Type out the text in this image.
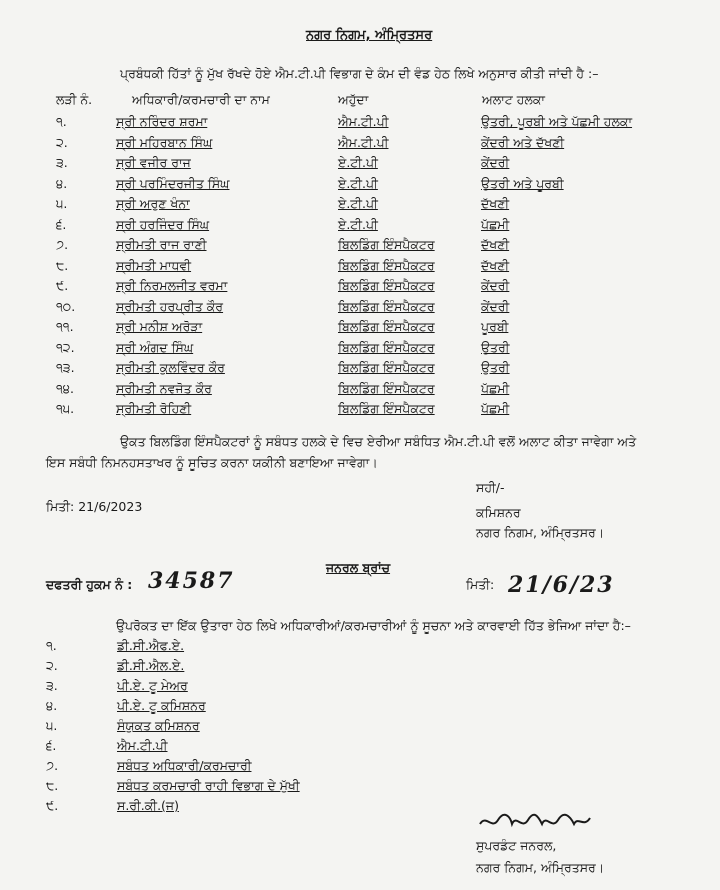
ਨਗਰ ਨਿਗਮ, ਅੰਮ੍ਰਿਤਸਰ
ਪ੍ਰਬੰਧਕੀ ਹਿੱਤਾਂ ਨੂੰ ਮੁੱਖ ਰੱਖਦੇ ਹੋਏ ਐਮ.ਟੀ.ਪੀ ਵਿਭਾਗ ਦੇ ਕੰਮ ਦੀ ਵੰਡ ਹੇਠ ਲਿਖੇ ਅਨੁਸਾਰ ਕੀਤੀ ਜਾਂਦੀ ਹੈ :–
ਲੜੀ ਨੰ.	ਅਧਿਕਾਰੀ/ਕਰਮਚਾਰੀ ਦਾ ਨਾਮ	ਅਹੁੱਦਾ	ਅਲਾਟ ਹਲਕਾ
੧.	ਸ੍ਰੀ ਨਰਿੰਦਰ ਸ਼ਰਮਾ	ਐਮ.ਟੀ.ਪੀ	ਉਤਰੀ, ਪੂਰਬੀ ਅਤੇ ਪੱਛਮੀ ਹਲਕਾ
੨.	ਸ੍ਰੀ ਮਹਿਰਬਾਨ ਸਿੰਘ	ਐਮ.ਟੀ.ਪੀ	ਕੇਂਦਰੀ ਅਤੇ ਦੱਖਣੀ
੩.	ਸ੍ਰੀ ਵਜੀਰ ਰਾਜ	ਏ.ਟੀ.ਪੀ	ਕੇਂਦਰੀ
੪.	ਸ੍ਰੀ ਪਰਮਿੰਦਰਜੀਤ ਸਿੰਘ	ਏ.ਟੀ.ਪੀ	ਉਤਰੀ ਅਤੇ ਪੂਰਬੀ
੫.	ਸ੍ਰੀ ਅਰੁਣ ਖੰਨਾ	ਏ.ਟੀ.ਪੀ	ਦੱਖਣੀ
੬.	ਸ੍ਰੀ ਹਰਜਿੰਦਰ ਸਿੰਘ	ਏ.ਟੀ.ਪੀ	ਪੱਛਮੀ
੭.	ਸ੍ਰੀਮਤੀ ਰਾਜ ਰਾਣੀ	ਬਿਲਡਿੰਗ ਇੰਸਪੈਕਟਰ	ਦੱਖਣੀ
੮.	ਸ੍ਰੀਮਤੀ ਮਾਧਵੀ	ਬਿਲਡਿੰਗ ਇੰਸਪੈਕਟਰ	ਦੱਖਣੀ
੯.	ਸ੍ਰੀ ਨਿਰਮਲਜੀਤ ਵਰਮਾ	ਬਿਲਡਿੰਗ ਇੰਸਪੈਕਟਰ	ਕੇਂਦਰੀ
੧੦.	ਸ੍ਰੀਮਤੀ ਹਰਪ੍ਰੀਤ ਕੌਰ	ਬਿਲਡਿੰਗ ਇੰਸਪੈਕਟਰ	ਕੇਂਦਰੀ
੧੧.	ਸ੍ਰੀ ਮਨੀਸ਼ ਅਰੋੜਾ	ਬਿਲਡਿੰਗ ਇੰਸਪੈਕਟਰ	ਪੂਰਬੀ
੧੨.	ਸ੍ਰੀ ਅੰਗਦ ਸਿੰਘ	ਬਿਲਡਿੰਗ ਇੰਸਪੈਕਟਰ	ਉਤਰੀ
੧੩.	ਸ੍ਰੀਮਤੀ ਕੁਲਵਿੰਦਰ ਕੌਰ	ਬਿਲਡਿੰਗ ਇੰਸਪੈਕਟਰ	ਉਤਰੀ
੧੪.	ਸ੍ਰੀਮਤੀ ਨਵਜੋਤ ਕੌਰ	ਬਿਲਡਿੰਗ ਇੰਸਪੈਕਟਰ	ਪੱਛਮੀ
੧੫.	ਸ੍ਰੀਮਤੀ ਰੋਹਿਣੀ	ਬਿਲਡਿੰਗ ਇੰਸਪੈਕਟਰ	ਪੱਛਮੀ
ਉਕਤ ਬਿਲਡਿੰਗ ਇੰਸਪੈਕਟਰਾਂ ਨੂੰ ਸਬੰਧਤ ਹਲਕੇ ਦੇ ਵਿਚ ਏਰੀਆ ਸਬੰਧਿਤ ਐਮ.ਟੀ.ਪੀ ਵਲੋਂ ਅਲਾਟ ਕੀਤਾ ਜਾਵੇਗਾ ਅਤੇ
ਇਸ ਸਬੰਧੀ ਨਿਮਨਹਸਤਾਖਰ ਨੂੰ ਸੂਚਿਤ ਕਰਨਾ ਯਕੀਨੀ ਬਣਾਇਆ ਜਾਵੇਗਾ।
ਸਹੀ/-
ਮਿਤੀ: 21/6/2023	ਕਮਿਸ਼ਨਰ
ਨਗਰ ਨਿਗਮ, ਅੰਮ੍ਰਿਤਸਰ।
ਜਨਰਲ ਬ੍ਰਾਂਚ
ਦਫਤਰੀ ਹੁਕਮ ਨੰ : 34587	ਮਿਤੀ: 21/6/23
ਉਪਰੋਕਤ ਦਾ ਇੱਕ ਉਤਾਰਾ ਹੇਠ ਲਿਖੇ ਅਧਿਕਾਰੀਆਂ/ਕਰਮਚਾਰੀਆਂ ਨੂੰ ਸੂਚਨਾ ਅਤੇ ਕਾਰਵਾਈ ਹਿੱਤ ਭੇਜਿਆ ਜਾਂਦਾ ਹੈ:–
੧.	ਡੀ.ਸੀ.ਐਫ.ਏ.
੨.	ਡੀ.ਸੀ.ਐਲ.ਏ.
੩.	ਪੀ.ਏ. ਟੂ ਮੇਅਰ
੪.	ਪੀ.ਏ. ਟੂ ਕਮਿਸ਼ਨਰ
੫.	ਸੰਯੁਕਤ ਕਮਿਸ਼ਨਰ
੬.	ਐਮ.ਟੀ.ਪੀ
੭.	ਸਬੰਧਤ ਅਧਿਕਾਰੀ/ਕਰਮਚਾਰੀ
੮.	ਸਬੰਧਤ ਕਰਮਚਾਰੀ ਰਾਹੀ ਵਿਭਾਗ ਦੇ ਮੁੱਖੀ
੯.	ਸ.ਰੀ.ਕੀ.(ਜ)
ਸੁਪਰਡੰਟ ਜਨਰਲ,
ਨਗਰ ਨਿਗਮ, ਅੰਮ੍ਰਿਤਸਰ।
